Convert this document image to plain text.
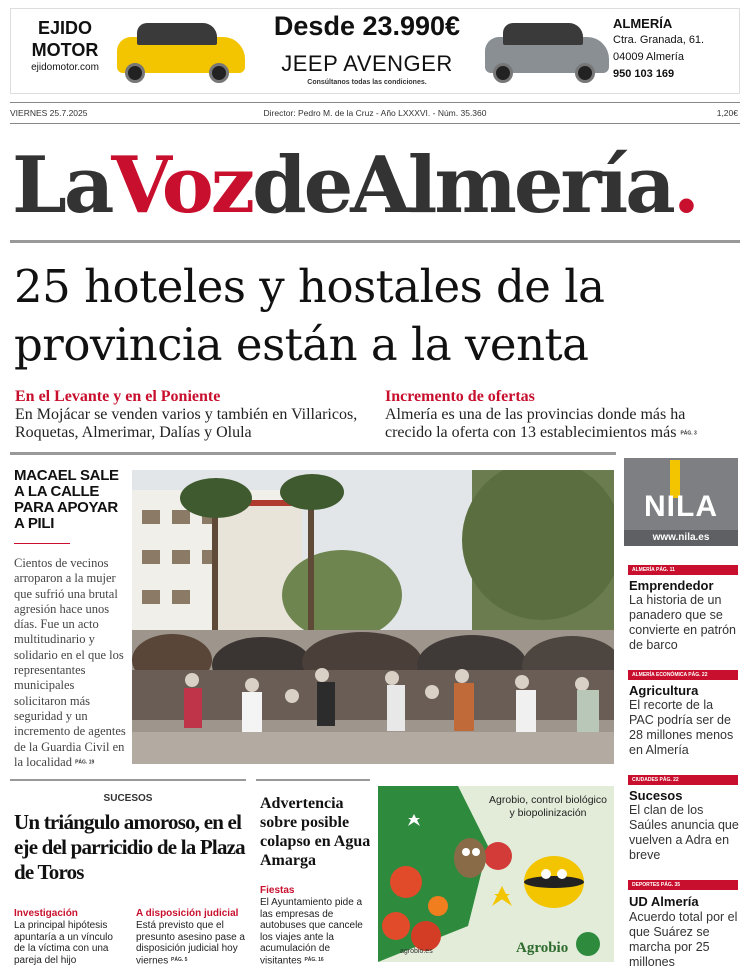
EJIDO
MOTOR
ejidomotor.com
Desde 23.990€
JEEP AVENGER
Consúltanos todas las condiciones.
ALMERÍA
Ctra. Granada, 61.
04009 Almería
950 103 169
VIERNES 25.7.2025	Director: Pedro M. de la Cruz - Año LXXXVI. - Núm. 35.360	1,20€
LaVozdeAlmería.
25 hoteles y hostales de la provincia están a la venta
En el Levante y en el Poniente
En Mojácar se venden varios y también en Villaricos, Roquetas, Almerimar, Dalías y Olula
Incremento de ofertas
Almería es una de las provincias donde más ha crecido la oferta con 13 establecimientos más PÁG. 3
MACAEL SALE A LA CALLE PARA APOYAR A PILI
Cientos de vecinos arroparon a la mujer que sufrió una brutal agresión hace unos días. Fue un acto multitudinario y solidario en el que los representantes municipales solicitaron más seguridad y un incremento de agentes de la Guardia Civil en la localidad PÁG. 19
NILA
www.nila.es
ALMERÍA PÁG. 11
Emprendedor
La historia de un panadero que se convierte en patrón de barco
ALMERÍA ECONÓMICA PÁG. 22
Agricultura
El recorte de la PAC podría ser de 28 millones menos en Almería
CIUDADES PÁG. 22
Sucesos
El clan de los Saúles anuncia que vuelven a Adra en breve
DEPORTES PÁG. 35
UD Almería
Acuerdo total por el que Suárez se marcha por 25 millones
SUCESOS
Un triángulo amoroso, en el eje del parricidio de la Plaza de Toros
Investigación
La principal hipótesis apuntaría a un vínculo de la víctima con una pareja del hijo
A disposición judicial
Está previsto que el presunto asesino pase a disposición judicial hoy viernes PÁG. 5
Advertencia sobre posible colapso en Agua Amarga
Fiestas
El Ayuntamiento pide a las empresas de autobuses que cancele los viajes ante la acumulación de visitantes PÁG. 16
Agrobio, control biológico
y biopolinización
agrobio.es	Agrobio
